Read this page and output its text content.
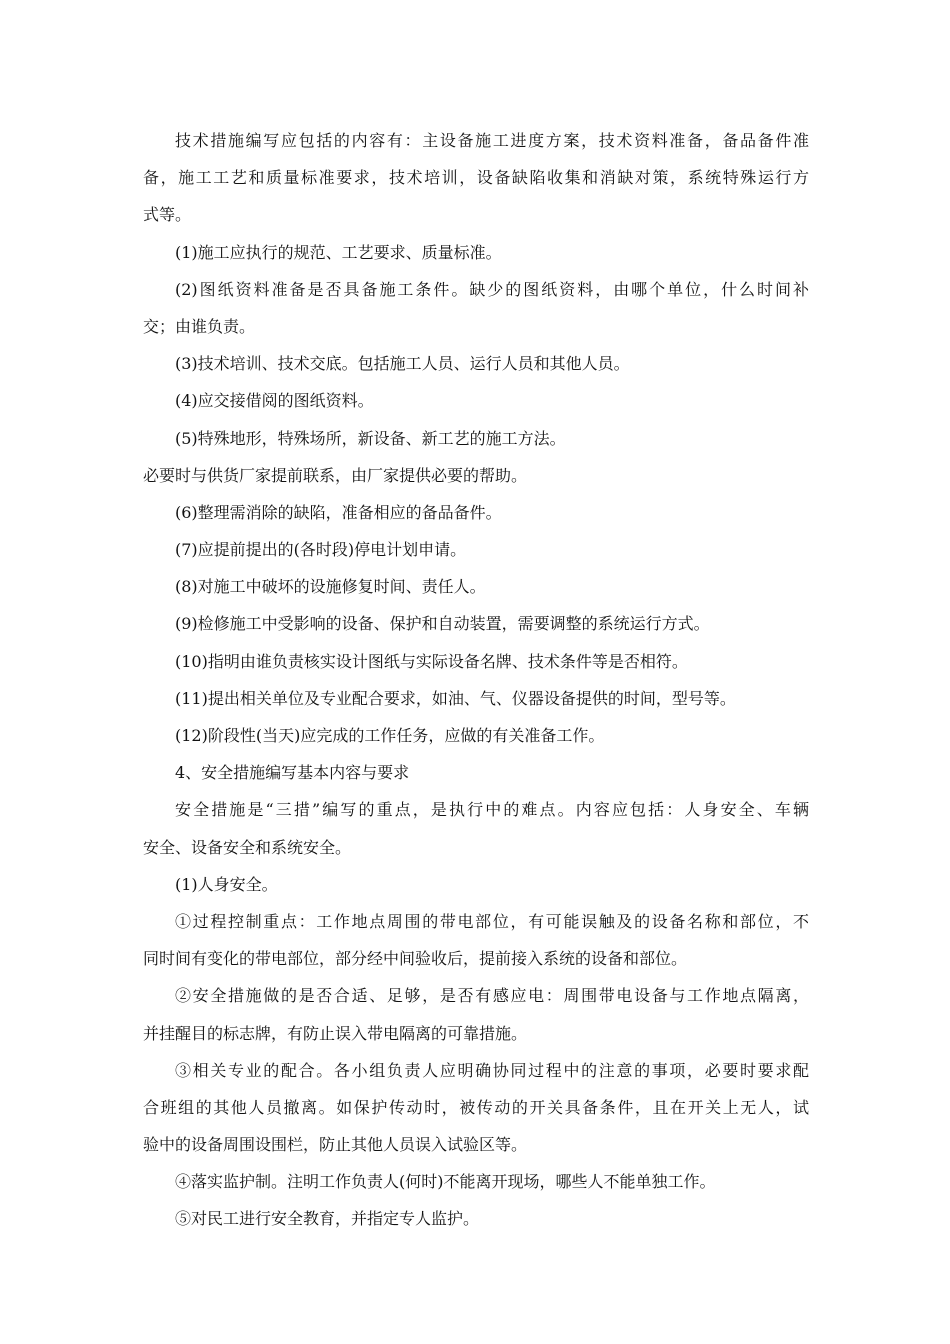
技术措施编写应包括的内容有：主设备施工进度方案，技术资料准备，备品备件准
备，施工工艺和质量标准要求，技术培训，设备缺陷收集和消缺对策，系统特殊运行方
式等。
(1)施工应执行的规范、工艺要求、质量标准。
(2)图纸资料准备是否具备施工条件。缺少的图纸资料，由哪个单位，什么时间补
交；由谁负责。
(3)技术培训、技术交底。包括施工人员、运行人员和其他人员。
(4)应交接借阅的图纸资料。
(5)特殊地形，特殊场所，新设备、新工艺的施工方法。
必要时与供货厂家提前联系，由厂家提供必要的帮助。
(6)整理需消除的缺陷，准备相应的备品备件。
(7)应提前提出的(各时段)停电计划申请。
(8)对施工中破坏的设施修复时间、责任人。
(9)检修施工中受影响的设备、保护和自动装置，需要调整的系统运行方式。
(10)指明由谁负责核实设计图纸与实际设备名牌、技术条件等是否相符。
(11)提出相关单位及专业配合要求，如油、气、仪器设备提供的时间，型号等。
(12)阶段性(当天)应完成的工作任务，应做的有关准备工作。
4、安全措施编写基本内容与要求
安全措施是“三措”编写的重点，是执行中的难点。内容应包括：人身安全、车辆
安全、设备安全和系统安全。
(1)人身安全。
①过程控制重点：工作地点周围的带电部位，有可能误触及的设备名称和部位，不
同时间有变化的带电部位，部分经中间验收后，提前接入系统的设备和部位。
②安全措施做的是否合适、足够，是否有感应电：周围带电设备与工作地点隔离，
并挂醒目的标志牌，有防止误入带电隔离的可靠措施。
③相关专业的配合。各小组负责人应明确协同过程中的注意的事项，必要时要求配
合班组的其他人员撤离。如保护传动时，被传动的开关具备条件，且在开关上无人，试
验中的设备周围设围栏，防止其他人员误入试验区等。
④落实监护制。注明工作负责人(何时)不能离开现场，哪些人不能单独工作。
⑤对民工进行安全教育，并指定专人监护。
